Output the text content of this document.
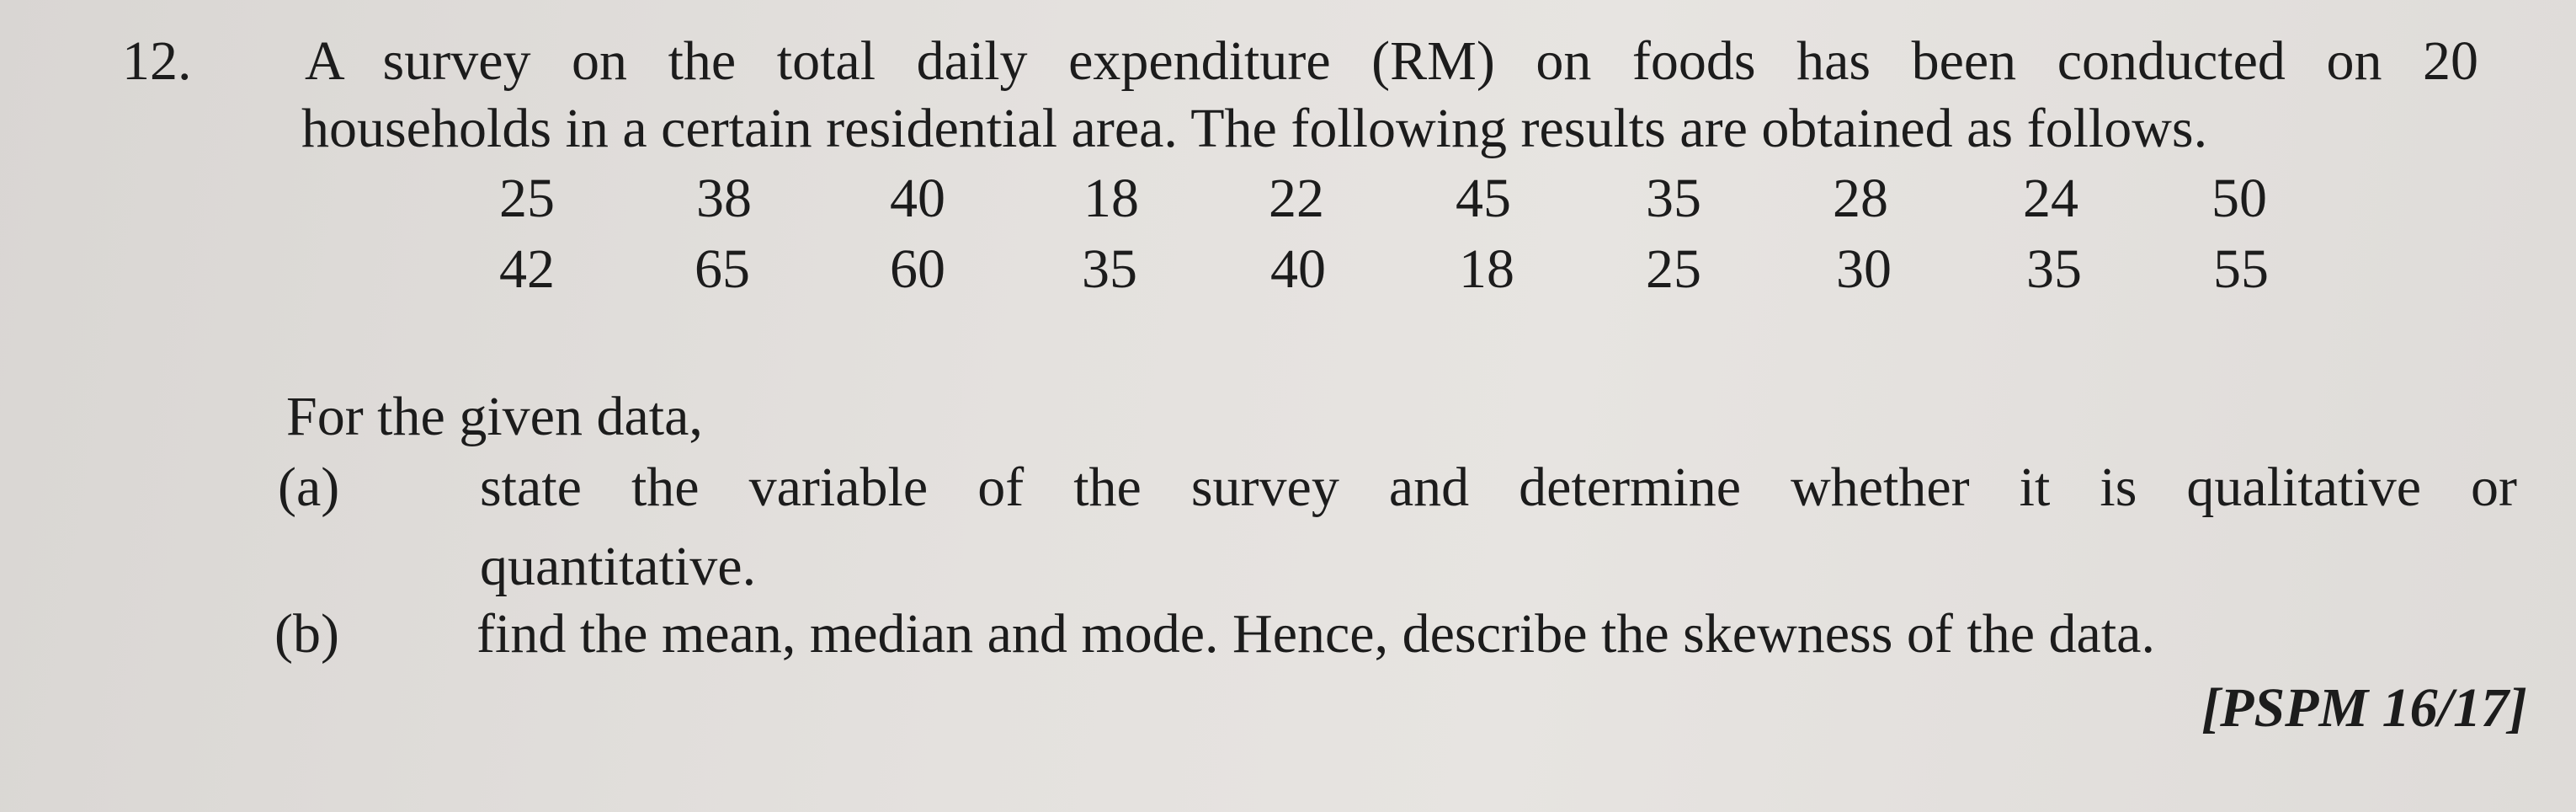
12. A survey on the total daily expenditure (RM) on foods has been conducted on 20
households in a certain residential area. The following results are obtained as follows.
25	38	40	18	22	45	35	28	24	50
42	65	60	35	40	18	25	30	35	55
For the given data,
(a)	state the variable of the survey and determine whether it is qualitative or
quantitative.
(b) find the mean, median and mode. Hence, describe the skewness of the data.
[PSPM 16/17]
